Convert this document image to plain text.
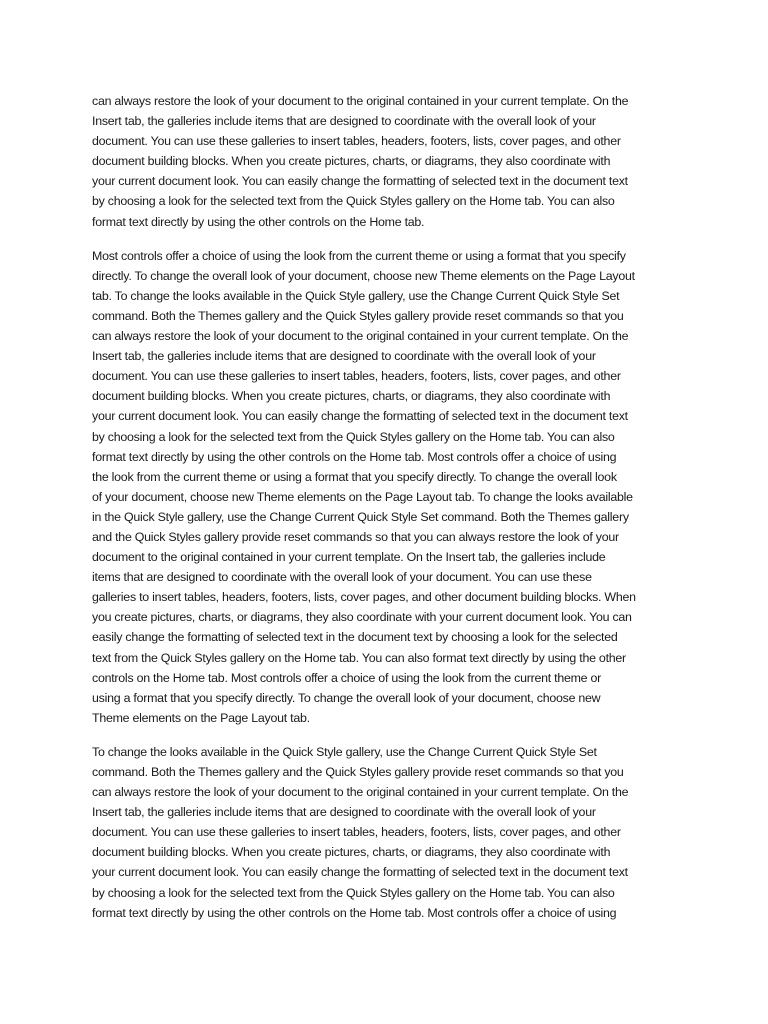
can always restore the look of your document to the original contained in your current template. On the
Insert tab, the galleries include items that are designed to coordinate with the overall look of your
document. You can use these galleries to insert tables, headers, footers, lists, cover pages, and other
document building blocks. When you create pictures, charts, or diagrams, they also coordinate with
your current document look. You can easily change the formatting of selected text in the document text
by choosing a look for the selected text from the Quick Styles gallery on the Home tab. You can also
format text directly by using the other controls on the Home tab.

Most controls offer a choice of using the look from the current theme or using a format that you specify
directly. To change the overall look of your document, choose new Theme elements on the Page Layout
tab. To change the looks available in the Quick Style gallery, use the Change Current Quick Style Set
command. Both the Themes gallery and the Quick Styles gallery provide reset commands so that you
can always restore the look of your document to the original contained in your current template. On the
Insert tab, the galleries include items that are designed to coordinate with the overall look of your
document. You can use these galleries to insert tables, headers, footers, lists, cover pages, and other
document building blocks. When you create pictures, charts, or diagrams, they also coordinate with
your current document look. You can easily change the formatting of selected text in the document text
by choosing a look for the selected text from the Quick Styles gallery on the Home tab. You can also
format text directly by using the other controls on the Home tab. Most controls offer a choice of using
the look from the current theme or using a format that you specify directly. To change the overall look
of your document, choose new Theme elements on the Page Layout tab. To change the looks available
in the Quick Style gallery, use the Change Current Quick Style Set command. Both the Themes gallery
and the Quick Styles gallery provide reset commands so that you can always restore the look of your
document to the original contained in your current template. On the Insert tab, the galleries include
items that are designed to coordinate with the overall look of your document. You can use these
galleries to insert tables, headers, footers, lists, cover pages, and other document building blocks. When
you create pictures, charts, or diagrams, they also coordinate with your current document look. You can
easily change the formatting of selected text in the document text by choosing a look for the selected
text from the Quick Styles gallery on the Home tab. You can also format text directly by using the other
controls on the Home tab. Most controls offer a choice of using the look from the current theme or
using a format that you specify directly. To change the overall look of your document, choose new
Theme elements on the Page Layout tab.

To change the looks available in the Quick Style gallery, use the Change Current Quick Style Set
command. Both the Themes gallery and the Quick Styles gallery provide reset commands so that you
can always restore the look of your document to the original contained in your current template. On the
Insert tab, the galleries include items that are designed to coordinate with the overall look of your
document. You can use these galleries to insert tables, headers, footers, lists, cover pages, and other
document building blocks. When you create pictures, charts, or diagrams, they also coordinate with
your current document look. You can easily change the formatting of selected text in the document text
by choosing a look for the selected text from the Quick Styles gallery on the Home tab. You can also
format text directly by using the other controls on the Home tab. Most controls offer a choice of using
